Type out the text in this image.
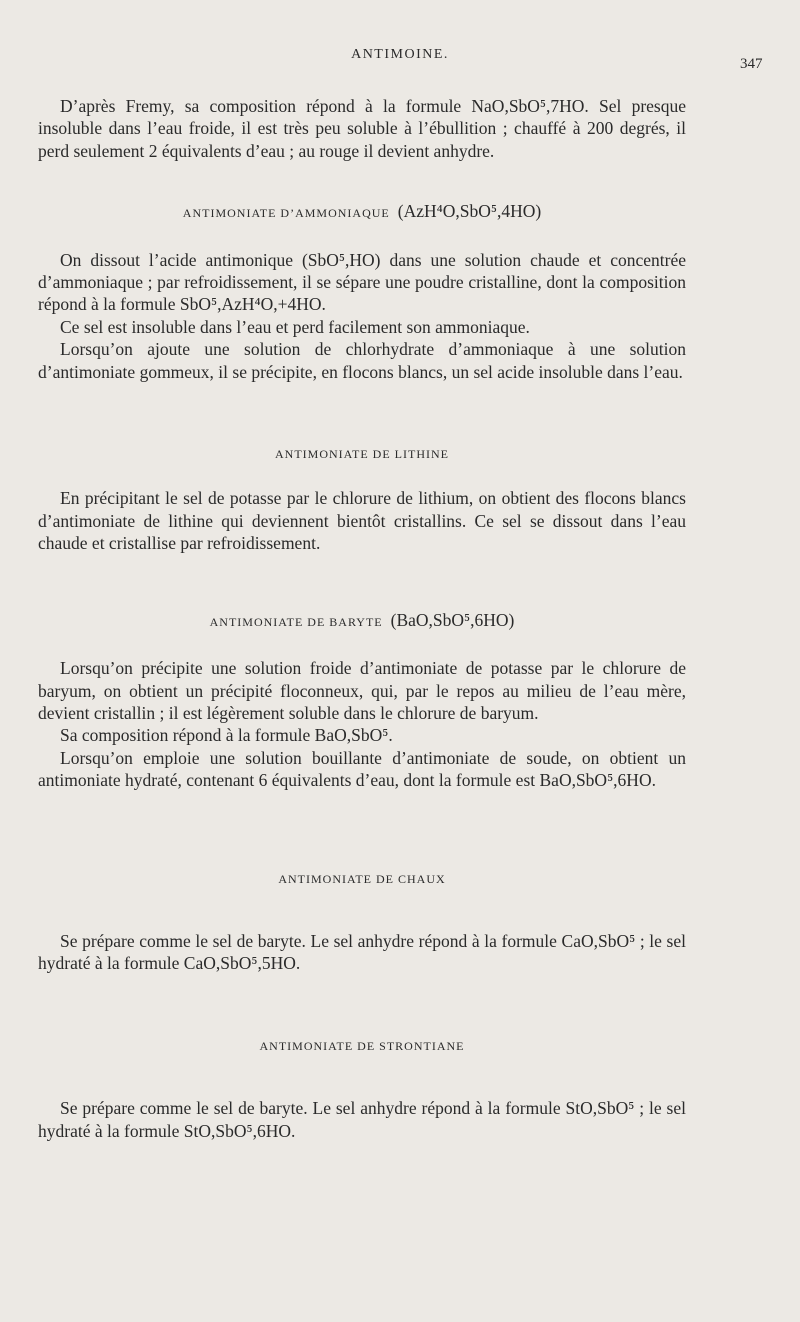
ANTIMOINE.
347

D’après Fremy, sa composition répond à la formule NaO,SbO⁵,7HO. Sel presque insoluble dans l’eau froide, il est très peu soluble à l’ébullition ; chauffé à 200 degrés, il perd seulement 2 équivalents d’eau ; au rouge il devient anhydre.

ANTIMONIATE D’AMMONIAQUE (AzH⁴O,SbO⁵,4HO)

On dissout l’acide antimonique (SbO⁵,HO) dans une solution chaude et concentrée d’ammoniaque ; par refroidissement, il se sépare une poudre cristalline, dont la composition répond à la formule SbO⁵,AzH⁴O,+4HO.

Ce sel est insoluble dans l’eau et perd facilement son ammoniaque.

Lorsqu’on ajoute une solution de chlorhydrate d’ammoniaque à une solution d’antimoniate gommeux, il se précipite, en flocons blancs, un sel acide insoluble dans l’eau.

ANTIMONIATE DE LITHINE

En précipitant le sel de potasse par le chlorure de lithium, on obtient des flocons blancs d’antimoniate de lithine qui deviennent bientôt cristallins. Ce sel se dissout dans l’eau chaude et cristallise par refroidissement.

ANTIMONIATE DE BARYTE (BaO,SbO⁵,6HO)

Lorsqu’on précipite une solution froide d’antimoniate de potasse par le chlorure de baryum, on obtient un précipité floconneux, qui, par le repos au milieu de l’eau mère, devient cristallin ; il est légèrement soluble dans le chlorure de baryum.

Sa composition répond à la formule BaO,SbO⁵.

Lorsqu’on emploie une solution bouillante d’antimoniate de soude, on obtient un antimoniate hydraté, contenant 6 équivalents d’eau, dont la formule est BaO,SbO⁵,6HO.

ANTIMONIATE DE CHAUX

Se prépare comme le sel de baryte. Le sel anhydre répond à la formule CaO,SbO⁵ ; le sel hydraté à la formule CaO,SbO⁵,5HO.

ANTIMONIATE DE STRONTIANE

Se prépare comme le sel de baryte. Le sel anhydre répond à la formule StO,SbO⁵ ; le sel hydraté à la formule StO,SbO⁵,6HO.
